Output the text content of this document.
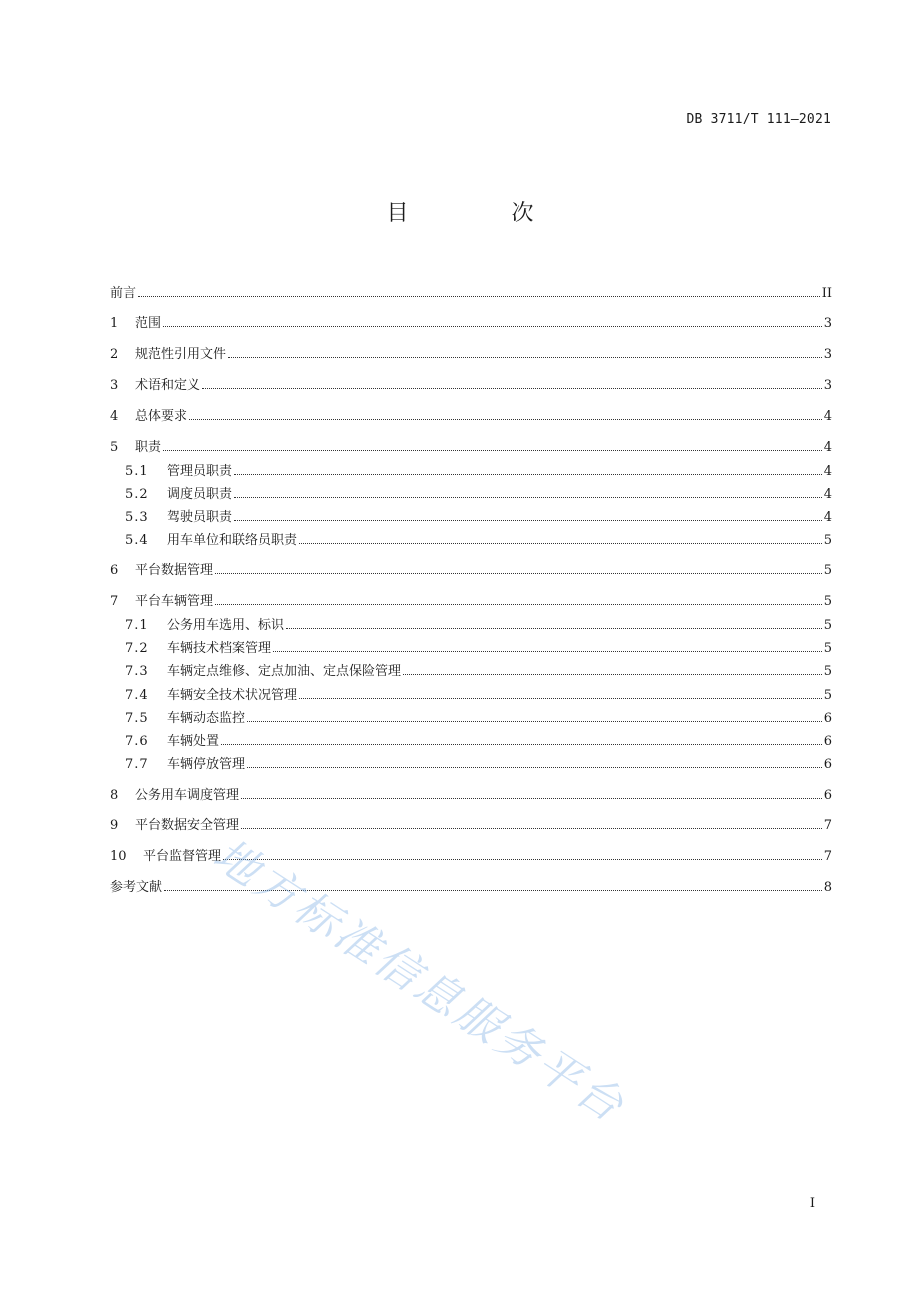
DB 3711/T 111—2021
目 次
前言	II
1	范围	3
2	规范性引用文件	3
3	术语和定义	3
4	总体要求	4
5	职责	4
5.1	管理员职责	4
5.2	调度员职责	4
5.3	驾驶员职责	4
5.4	用车单位和联络员职责	5
6	平台数据管理	5
7	平台车辆管理	5
7.1	公务用车选用、标识	5
7.2	车辆技术档案管理	5
7.3	车辆定点维修、定点加油、定点保险管理	5
7.4	车辆安全技术状况管理	5
7.5	车辆动态监控	6
7.6	车辆处置	6
7.7	车辆停放管理	6
8	公务用车调度管理	6
9	平台数据安全管理	7
10	平台监督管理	7
参考文献	8
地方标准信息服务平台
I
